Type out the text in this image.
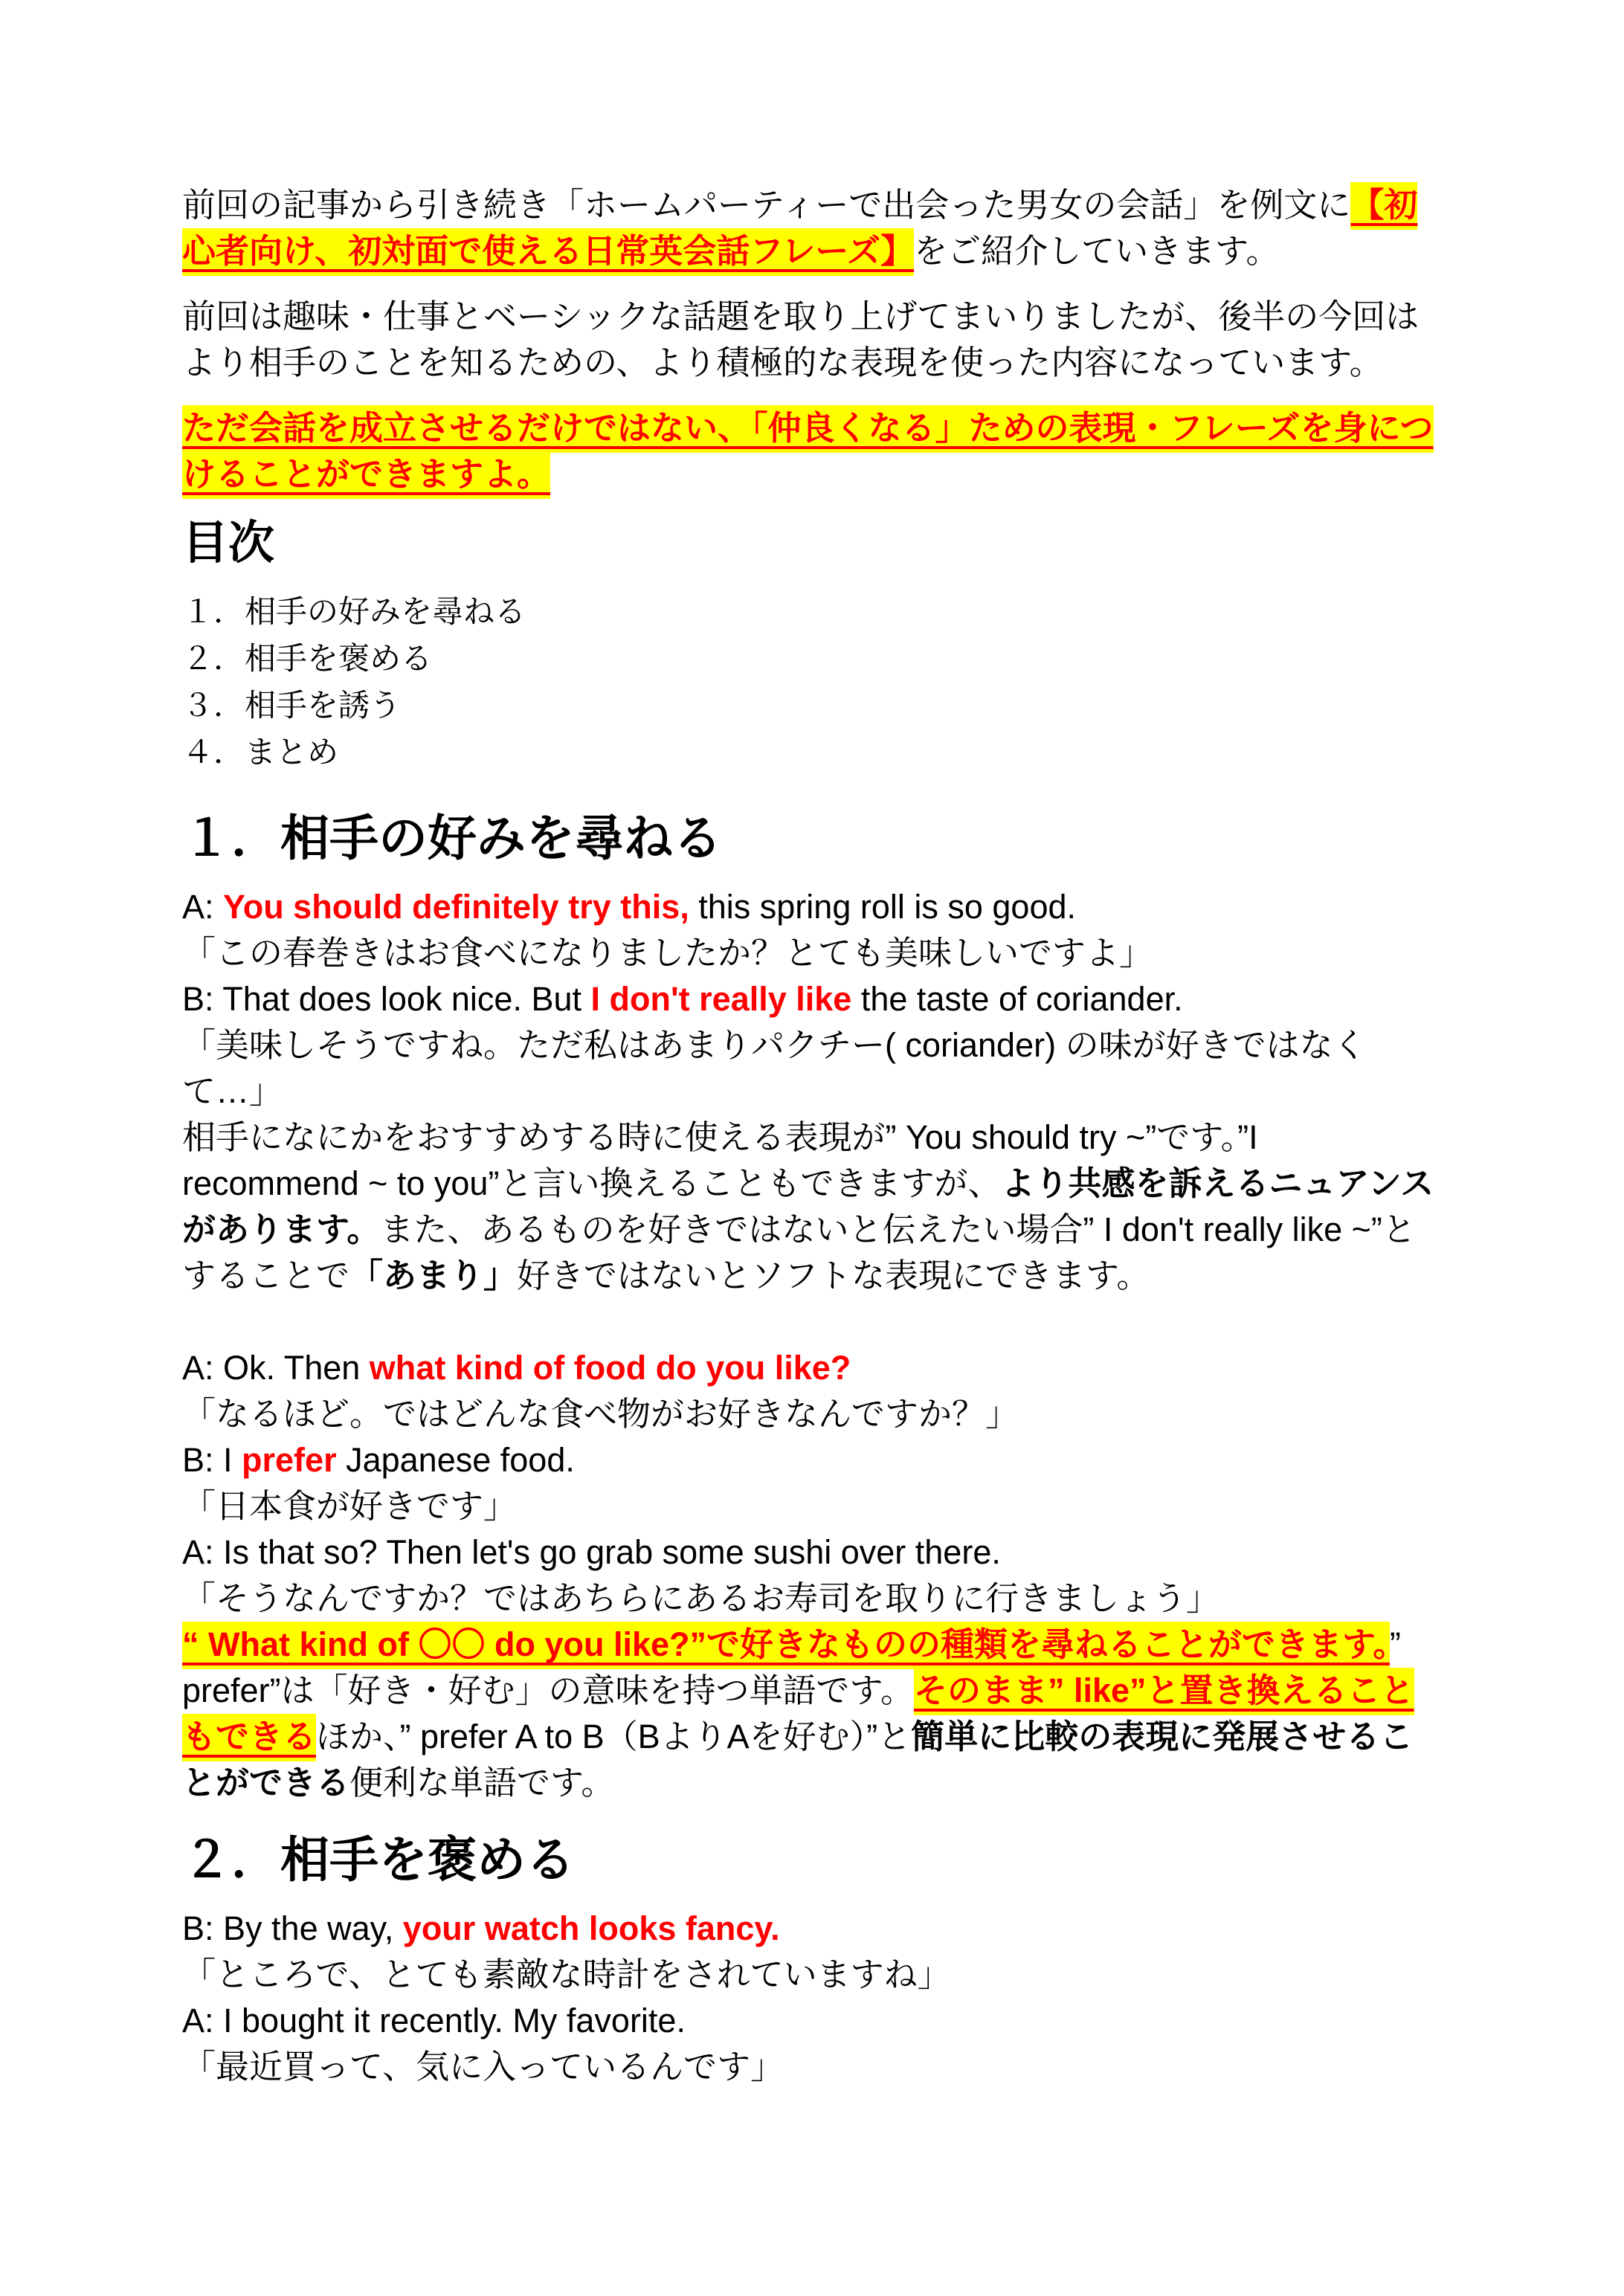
前回の記事から引き続き「ホームパーティーで出会った男女の会話」を例文に【初心者向け、初対面で使える日常英会話フレーズ】をご紹介していきます。

前回は趣味・仕事とベーシックな話題を取り上げてまいりましたが、後半の今回はより相手のことを知るための、より積極的な表現を使った内容になっています。

ただ会話を成立させるだけではない、「仲良くなる」ための表現・フレーズを身につけることができますよ。

目次
１．相手の好みを尋ねる
２．相手を褒める
３．相手を誘う
４．まとめ
１．相手の好みを尋ねる

A: You should definitely try this, this spring roll is so good.

「この春巻きはお食べになりましたか？とても美味しいですよ」

B: That does look nice. But I don't really like the taste of coriander.

「美味しそうですね。ただ私はあまりパクチー( coriander) の味が好きではなくて…」

相手になにかをおすすめする時に使える表現が” You should try ~”です。”I recommend ~ to you”と言い換えることもできますが、より共感を訴えるニュアンスがあります。また、あるものを好きではないと伝えたい場合” I don't really like ~”とすることで「あまり」好きではないとソフトな表現にできます。

A: Ok. Then what kind of food do you like?

「なるほど。ではどんな食べ物がお好きなんですか？」

B: I prefer Japanese food.

「日本食が好きです」

A: Is that so? Then let's go grab some sushi over there.

「そうなんですか？ではあちらにあるお寿司を取りに行きましょう」

“ What kind of 〇〇 do you like?”で好きなものの種類を尋ねることができます。” prefer”は「好き・好む」の意味を持つ単語です。そのまま” like”と置き換えることもできるほか、” prefer A to B（BよりAを好む）”と簡単に比較の表現に発展させることができる便利な単語です。

２．相手を褒める

B: By the way, your watch looks fancy.

「ところで、とても素敵な時計をされていますね」

A: I bought it recently. My favorite.

「最近買って、気に入っているんです」
